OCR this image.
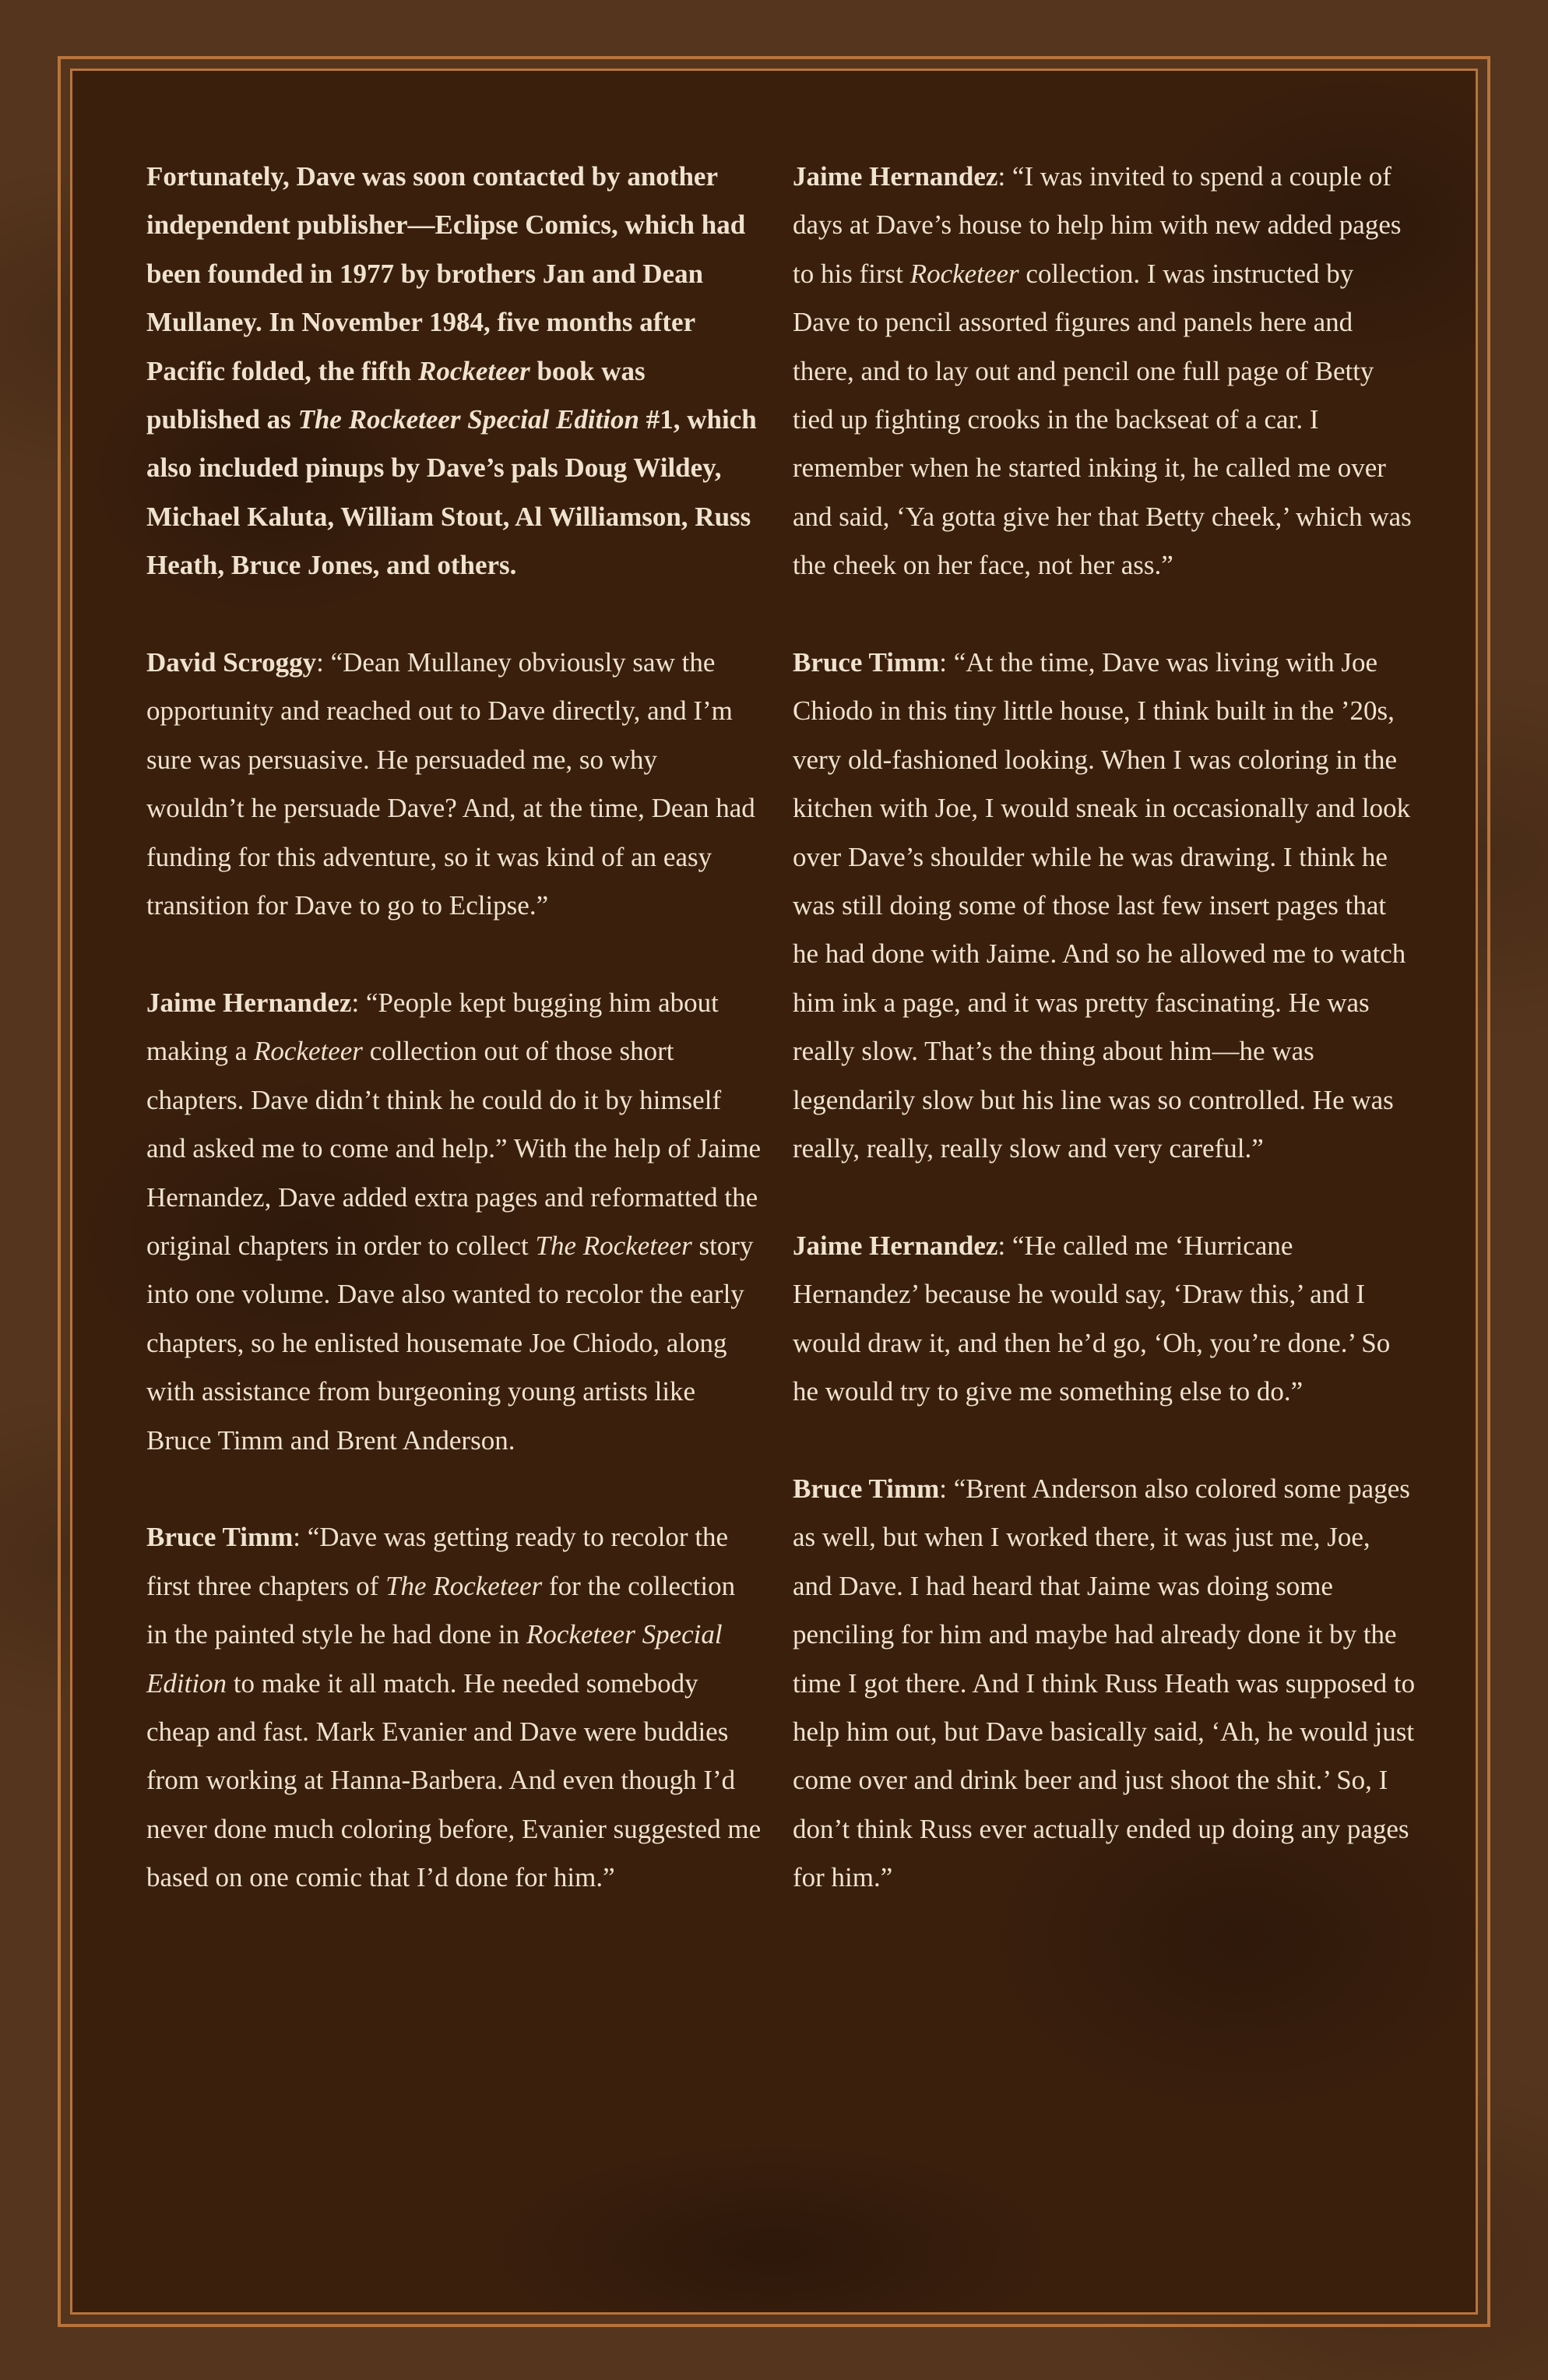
Fortunately, Dave was soon contacted by another independent publisher—Eclipse Comics, which had been founded in 1977 by brothers Jan and Dean Mullaney. In November 1984, five months after Pacific folded, the fifth Rocketeer book was published as The Rocketeer Special Edition #1, which also included pinups by Dave’s pals Doug Wildey, Michael Kaluta, William Stout, Al Williamson, Russ Heath, Bruce Jones, and others.

David Scroggy: “Dean Mullaney obviously saw the opportunity and reached out to Dave directly, and I’m sure was persuasive. He persuaded me, so why wouldn’t he persuade Dave? And, at the time, Dean had funding for this adventure, so it was kind of an easy transition for Dave to go to Eclipse.”

Jaime Hernandez: “People kept bugging him about making a Rocketeer collection out of those short chapters. Dave didn’t think he could do it by himself and asked me to come and help.” With the help of Jaime Hernandez, Dave added extra pages and reformatted the original chapters in order to collect The Rocketeer story into one volume. Dave also wanted to recolor the early chapters, so he enlisted housemate Joe Chiodo, along with assistance from burgeoning young artists like Bruce Timm and Brent Anderson.

Bruce Timm: “Dave was getting ready to recolor the first three chapters of The Rocketeer for the collection in the painted style he had done in Rocketeer Special Edition to make it all match. He needed somebody cheap and fast. Mark Evanier and Dave were buddies from working at Hanna-Barbera. And even though I’d never done much coloring before, Evanier suggested me based on one comic that I’d done for him.”

Jaime Hernandez: “I was invited to spend a couple of days at Dave’s house to help him with new added pages to his first Rocketeer collection. I was instructed by Dave to pencil assorted figures and panels here and there, and to lay out and pencil one full page of Betty tied up fighting crooks in the backseat of a car. I remember when he started inking it, he called me over and said, ‘Ya gotta give her that Betty cheek,’ which was the cheek on her face, not her ass.”

Bruce Timm: “At the time, Dave was living with Joe Chiodo in this tiny little house, I think built in the ’20s, very old-fashioned looking. When I was coloring in the kitchen with Joe, I would sneak in occasionally and look over Dave’s shoulder while he was drawing. I think he was still doing some of those last few insert pages that he had done with Jaime. And so he allowed me to watch him ink a page, and it was pretty fascinating. He was really slow. That’s the thing about him—he was legendarily slow but his line was so controlled. He was really, really, really slow and very careful.”

Jaime Hernandez: “He called me ‘Hurricane Hernandez’ because he would say, ‘Draw this,’ and I would draw it, and then he’d go, ‘Oh, you’re done.’ So he would try to give me something else to do.”

Bruce Timm: “Brent Anderson also colored some pages as well, but when I worked there, it was just me, Joe, and Dave. I had heard that Jaime was doing some penciling for him and maybe had already done it by the time I got there. And I think Russ Heath was supposed to help him out, but Dave basically said, ‘Ah, he would just come over and drink beer and just shoot the shit.’ So, I don’t think Russ ever actually ended up doing any pages for him.”
